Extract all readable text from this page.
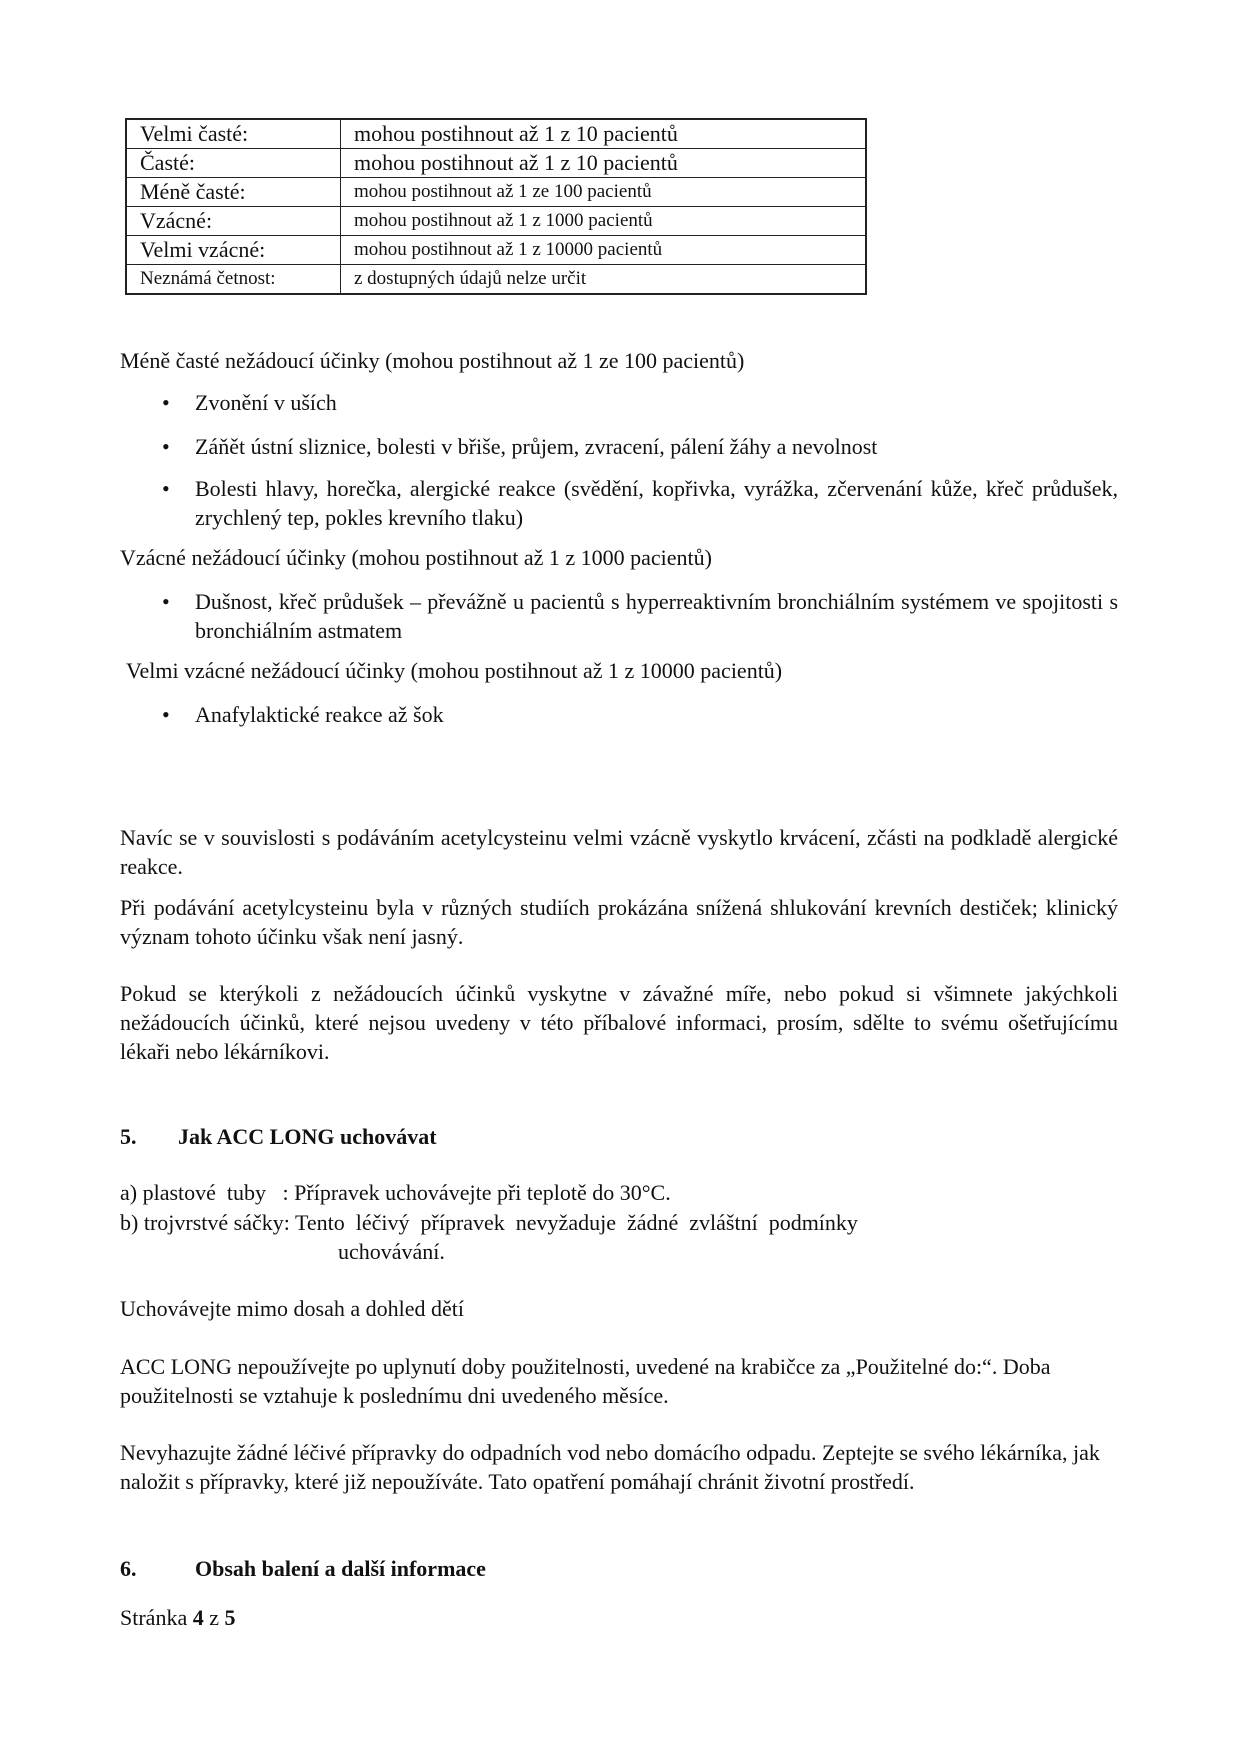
Velmi časté:	mohou postihnout až 1 z 10 pacientů
Časté:	mohou postihnout až 1 z 10 pacientů
Méně časté:	mohou postihnout až 1 ze 100 pacientů
Vzácné:	mohou postihnout až 1 z 1000 pacientů
Velmi vzácné:	mohou postihnout až 1 z 10000 pacientů
Neznámá četnost:	z dostupných údajů nelze určit
Méně časté nežádoucí účinky (mohou postihnout až 1 ze 100 pacientů)
• Zvonění v uších
• Záňět ústní sliznice, bolesti v břiše, průjem, zvracení, pálení žáhy a nevolnost
• Bolesti hlavy, horečka, alergické reakce (svědění, kopřivka, vyrážka, zčervenání kůže, křeč průdušek, zrychlený tep, pokles krevního tlaku)
Vzácné nežádoucí účinky (mohou postihnout až 1 z 1000 pacientů)
• Dušnost, křeč průdušek – převážně u pacientů s hyperreaktivním bronchiálním systémem ve spojitosti s bronchiálním astmatem
Velmi vzácné nežádoucí účinky (mohou postihnout až 1 z 10000 pacientů)
• Anafylaktické reakce až šok
Navíc se v souvislosti s podáváním acetylcysteinu velmi vzácně vyskytlo krvácení, zčásti na podkladě alergické reakce.
Při podávání acetylcysteinu byla v různých studiích prokázána snížená shlukování krevních destiček; klinický význam tohoto účinku však není jasný.
Pokud se kterýkoli z nežádoucích účinků vyskytne v závažné míře, nebo pokud si všimnete jakýchkoli nežádoucích účinků, které nejsou uvedeny v této příbalové informaci, prosím, sdělte to svému ošetřujícímu lékaři nebo lékárníkovi.
5. Jak ACC LONG uchovávat
a) plastové  tuby   : Přípravek uchovávejte při teplotě do 30°C.
b) trojvrstvé sáčky: Tento  léčivý  přípravek  nevyžaduje  žádné  zvláštní  podmínky
uchovávání.
Uchovávejte mimo dosah a dohled dětí
ACC LONG nepoužívejte po uplynutí doby použitelnosti, uvedené na krabičce za „Použitelné do:“. Doba použitelnosti se vztahuje k poslednímu dni uvedeného měsíce.
Nevyhazujte žádné léčivé přípravky do odpadních vod nebo domácího odpadu. Zeptejte se svého lékárníka, jak naložit s přípravky, které již nepoužíváte. Tato opatření pomáhají chránit životní prostředí.
6.	Obsah balení a další informace
Stránka 4 z 5
